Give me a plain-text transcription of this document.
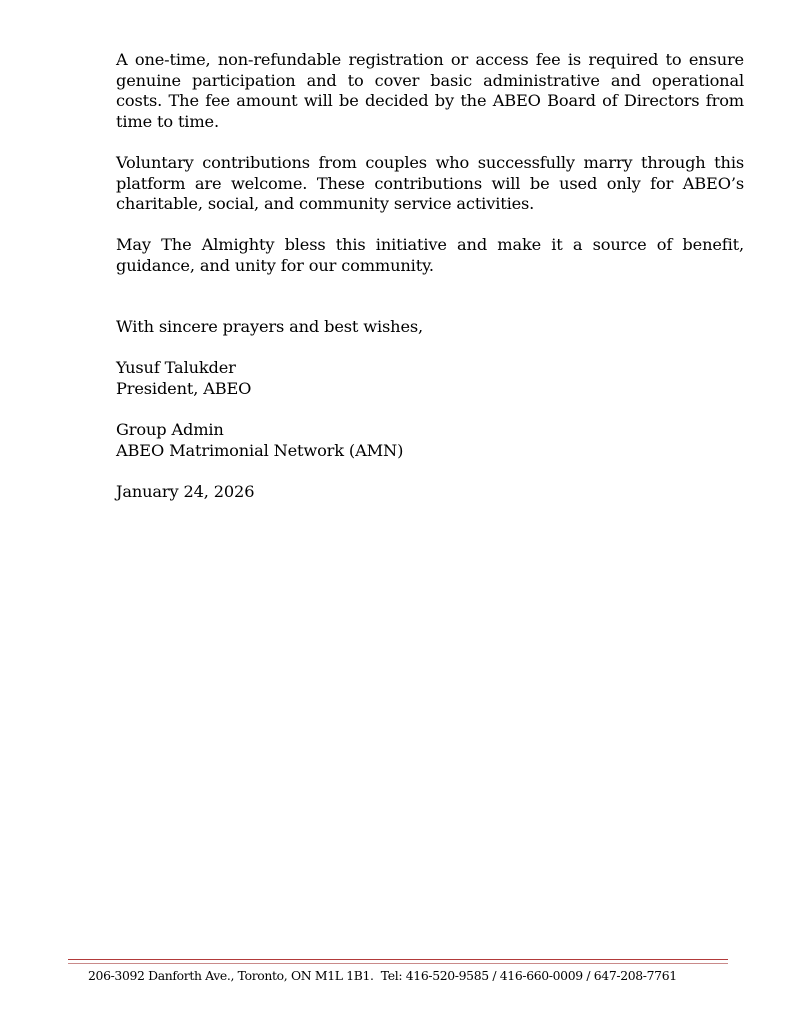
A one-time, non-refundable registration or access fee is required to ensure genuine participation and to cover basic administrative and operational costs. The fee amount will be decided by the ABEO Board of Directors from time to time.

Voluntary contributions from couples who successfully marry through this platform are welcome. These contributions will be used only for ABEO’s charitable, social, and community service activities.

May The Almighty bless this initiative and make it a source of benefit, guidance, and unity for our community.

With sincere prayers and best wishes,
Yusuf Talukder
President, ABEO
Group Admin
ABEO Matrimonial Network (AMN)
January 24, 2026
206-3092 Danforth Ave., Toronto, ON M1L 1B1. Tel: 416-520-9585 / 416-660-0009 / 647-208-7761
